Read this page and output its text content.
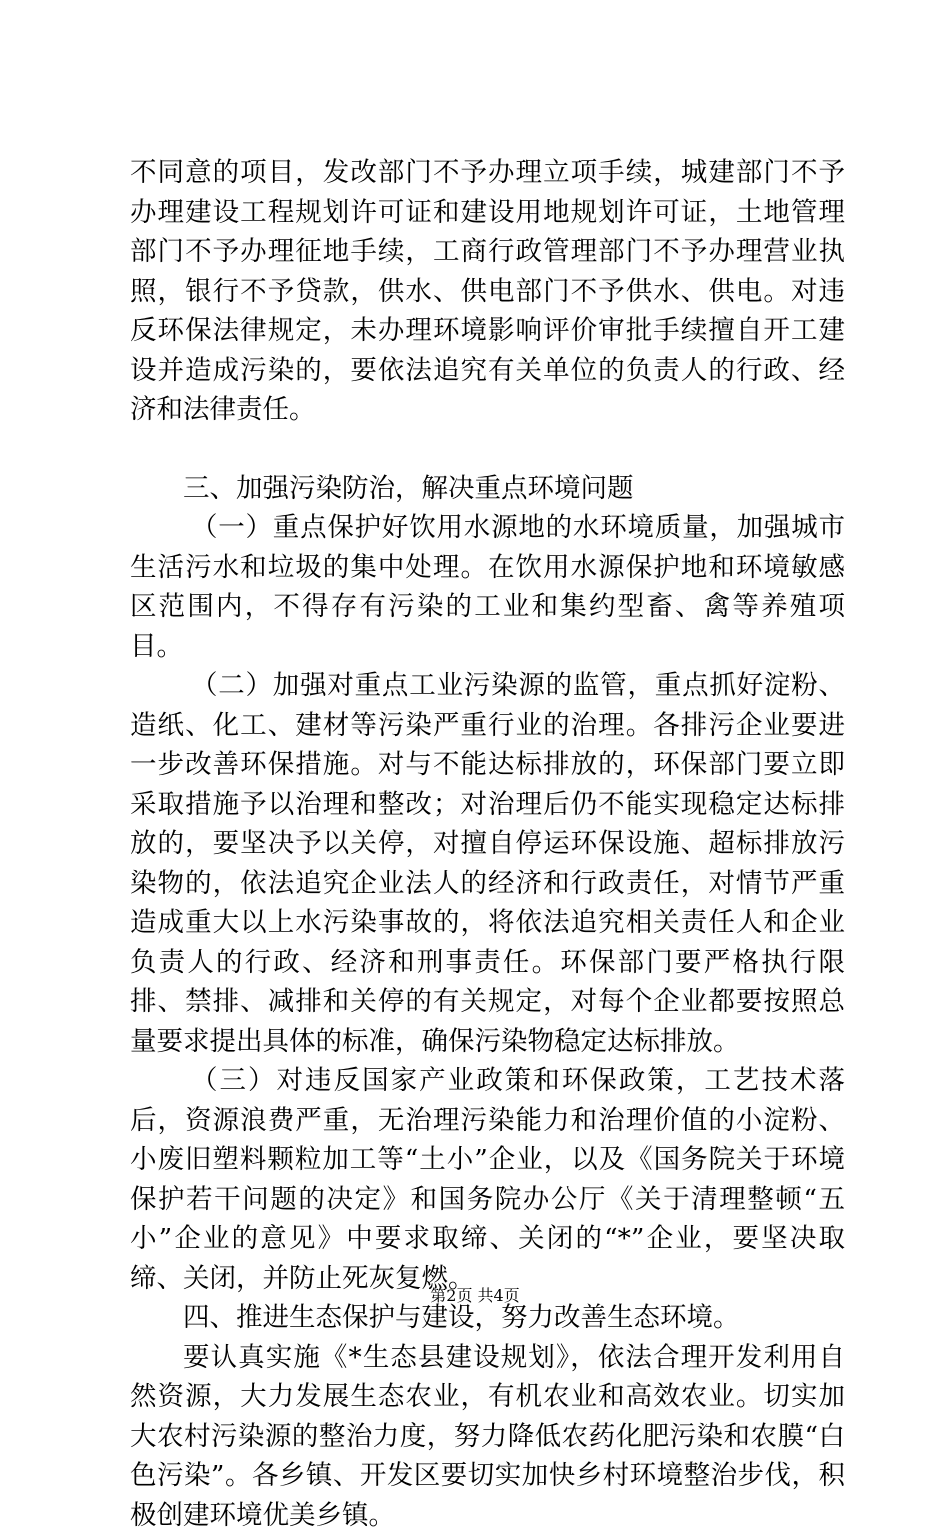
不同意的项目，发改部门不予办理立项手续，城建部门不予办理建设工程规划许可证和建设用地规划许可证，土地管理部门不予办理征地手续，工商行政管理部门不予办理营业执照，银行不予贷款，供水、供电部门不予供水、供电。对违反环保法律规定，未办理环境影响评价审批手续擅自开工建设并造成污染的，要依法追究有关单位的负责人的行政、经济和法律责任。

三、加强污染防治，解决重点环境问题

（一）重点保护好饮用水源地的水环境质量，加强城市生活污水和垃圾的集中处理。在饮用水源保护地和环境敏感区范围内，不得存有污染的工业和集约型畜、禽等养殖项目。

（二）加强对重点工业污染源的监管，重点抓好淀粉、造纸、化工、建材等污染严重行业的治理。各排污企业要进一步改善环保措施。对与不能达标排放的，环保部门要立即采取措施予以治理和整改；对治理后仍不能实现稳定达标排放的，要坚决予以关停，对擅自停运环保设施、超标排放污染物的，依法追究企业法人的经济和行政责任，对情节严重造成重大以上水污染事故的，将依法追究相关责任人和企业负责人的行政、经济和刑事责任。环保部门要严格执行限排、禁排、减排和关停的有关规定，对每个企业都要按照总量要求提出具体的标准，确保污染物稳定达标排放。

（三）对违反国家产业政策和环保政策，工艺技术落后，资源浪费严重，无治理污染能力和治理价值的小淀粉、小废旧塑料颗粒加工等“土小”企业，以及《国务院关于环境保护若干问题的决定》和国务院办公厅《关于清理整顿“五小”企业的意见》中要求取缔、关闭的“*”企业，要坚决取缔、关闭，并防止死灰复燃。

四、推进生态保护与建设，努力改善生态环境。

要认真实施《*生态县建设规划》，依法合理开发利用自然资源，大力发展生态农业，有机农业和高效农业。切实加大农村污染源的整治力度，努力降低农药化肥污染和农膜“白色污染”。各乡镇、开发区要切实加快乡村环境整治步伐，积极创建环境优美乡镇。

第2页 共4页
